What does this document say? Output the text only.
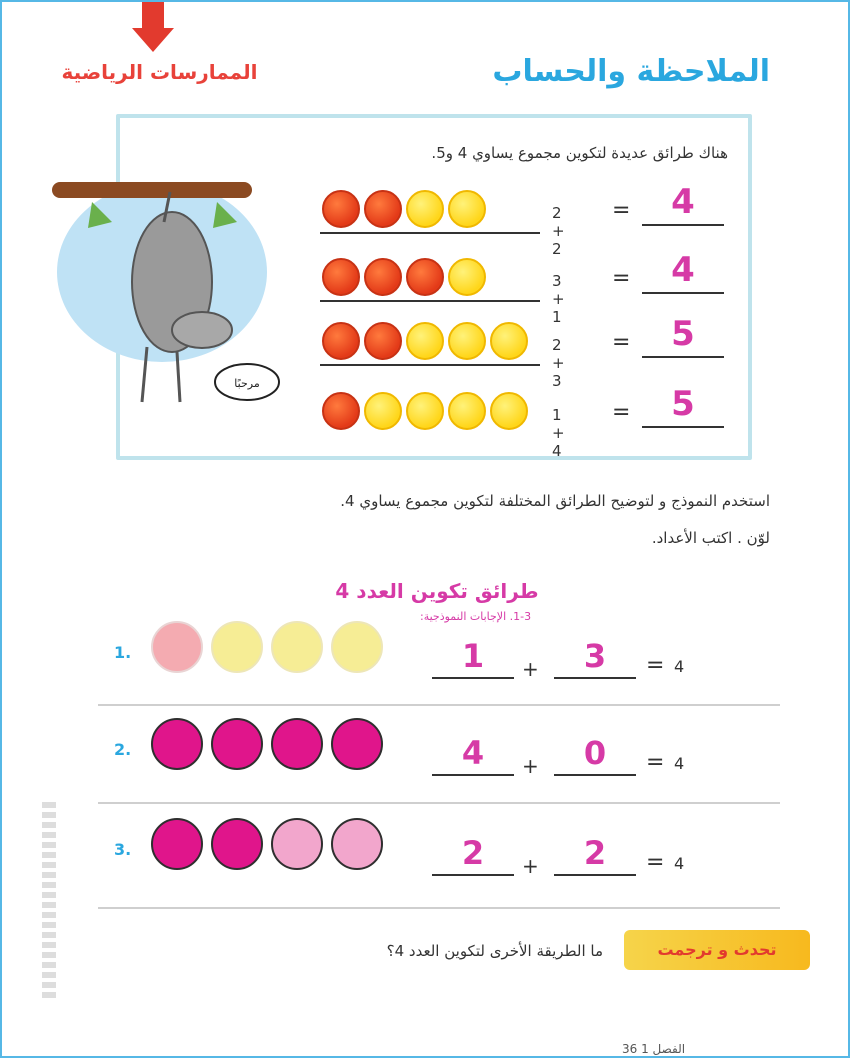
الممارسات الرياضية	الملاحظة والحساب
هناك طرائق عديدة لتكوين مجموع يساوي 4 و5.
مرحبًا
2 + 2
=	4
3 + 1
=	4
2 + 3
=	5
1 + 4
=	5
استخدم النموذج و لتوضيح الطرائق المختلفة لتكوين مجموع يساوي 4.
لوّن . اكتب الأعداد.
طرائق تكوين العدد 4
1-3. الإجابات النموذجية:
1.	1	+	3	= 4
2.	4	+	0	= 4
3.	2	+	2	= 4
تحدث و ترجمت
ما الطريقة الأخرى لتكوين العدد 4؟
36 الفصل 1
